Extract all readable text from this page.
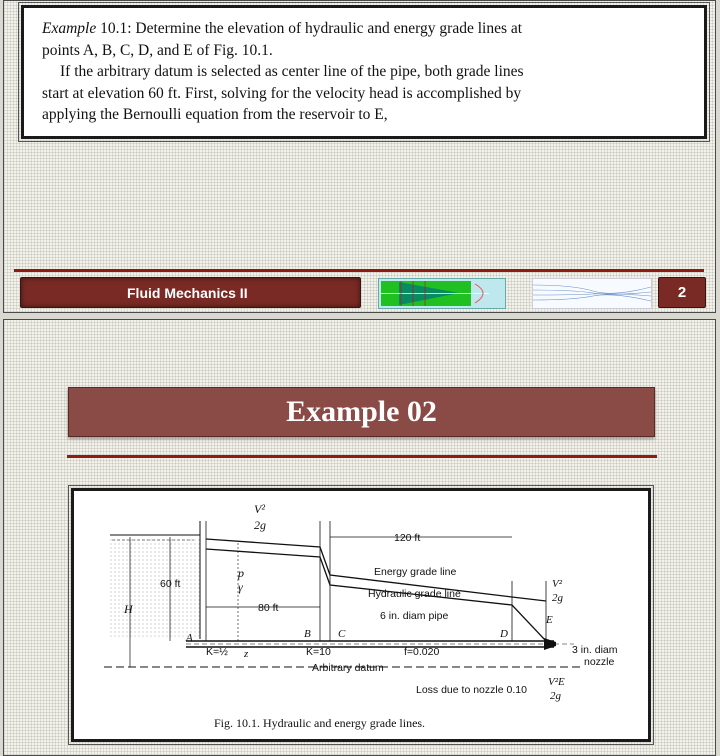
Example 10.1: Determine the elevation of hydraulic and energy grade lines at

points A, B, C, D, and E of Fig. 10.1.

If the arbitrary datum is selected as center line of the pipe, both grade lines

start at elevation 60 ft. First, solving for the velocity head is accomplished by

applying the Bernoulli equation from the reservoir to E,

Fluid Mechanics II	2
Example 02
V²
2g
p
γ
120 ft
Energy grade line
Hydraulic grade line
6 in. diam pipe
60 ft
H	80 ft
A	B C	D
E
K=½ z	K=10	f=0.020
Arbitrary datum
3 in. diam
nozzle
Loss due to nozzle 0.10
V²
2g
V²E
2g
Fig. 10.1. Hydraulic and energy grade lines.
